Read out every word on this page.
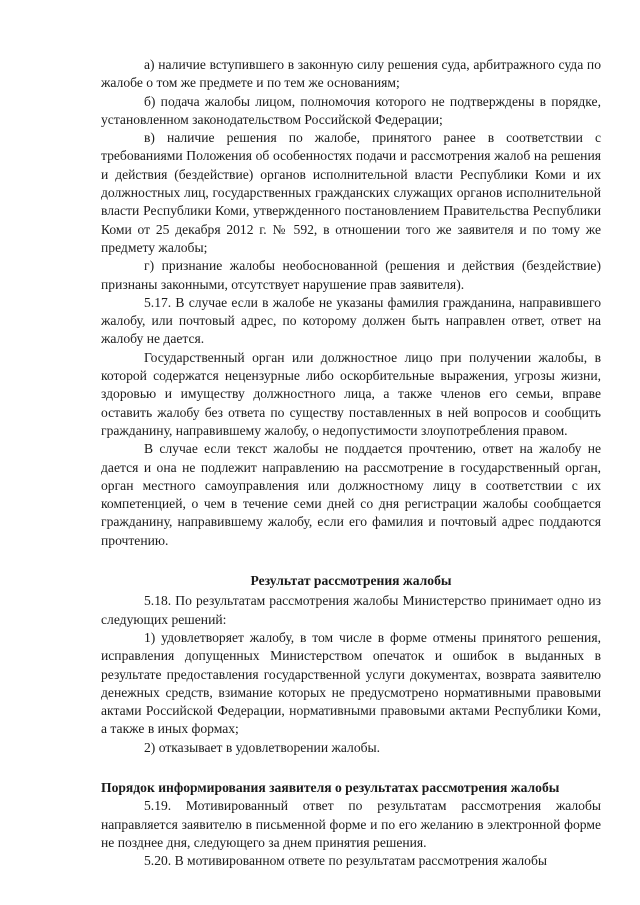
а) наличие вступившего в законную силу решения суда, арбитражного суда по жалобе о том же предмете и по тем же основаниям;

б) подача жалобы лицом, полномочия которого не подтверждены в порядке, установленном законодательством Российской Федерации;

в) наличие решения по жалобе, принятого ранее в соответствии с требованиями Положения об особенностях подачи и рассмотрения жалоб на решения и действия (бездействие) органов исполнительной власти Республики Коми и их должностных лиц, государственных гражданских служащих органов исполнительной власти Республики Коми, утвержденного постановлением Правительства Республики Коми от 25 декабря 2012 г. № 592, в отношении того же заявителя и по тому же предмету жалобы;

г) признание жалобы необоснованной (решения и действия (бездействие) признаны законными, отсутствует нарушение прав заявителя).

5.17. В случае если в жалобе не указаны фамилия гражданина, направившего жалобу, или почтовый адрес, по которому должен быть направлен ответ, ответ на жалобу не дается.

Государственный орган или должностное лицо при получении жалобы, в которой содержатся нецензурные либо оскорбительные выражения, угрозы жизни, здоровью и имуществу должностного лица, а также членов его семьи, вправе оставить жалобу без ответа по существу поставленных в ней вопросов и сообщить гражданину, направившему жалобу, о недопустимости злоупотребления правом.

В случае если текст жалобы не поддается прочтению, ответ на жалобу не дается и она не подлежит направлению на рассмотрение в государственный орган, орган местного самоуправления или должностному лицу в соответствии с их компетенцией, о чем в течение семи дней со дня регистрации жалобы сообщается гражданину, направившему жалобу, если его фамилия и почтовый адрес поддаются прочтению.

Результат рассмотрения жалобы

5.18. По результатам рассмотрения жалобы Министерство принимает одно из следующих решений:

1) удовлетворяет жалобу, в том числе в форме отмены принятого решения, исправления допущенных Министерством опечаток и ошибок в выданных в результате предоставления государственной услуги документах, возврата заявителю денежных средств, взимание которых не предусмотрено нормативными правовыми актами Российской Федерации, нормативными правовыми актами Республики Коми, а также в иных формах;

2) отказывает в удовлетворении жалобы.

Порядок информирования заявителя о результатах рассмотрения жалобы

5.19. Мотивированный ответ по результатам рассмотрения жалобы направляется заявителю в письменной форме и по его желанию в электронной форме не позднее дня, следующего за днем принятия решения.

5.20. В мотивированном ответе по результатам рассмотрения жалобы
